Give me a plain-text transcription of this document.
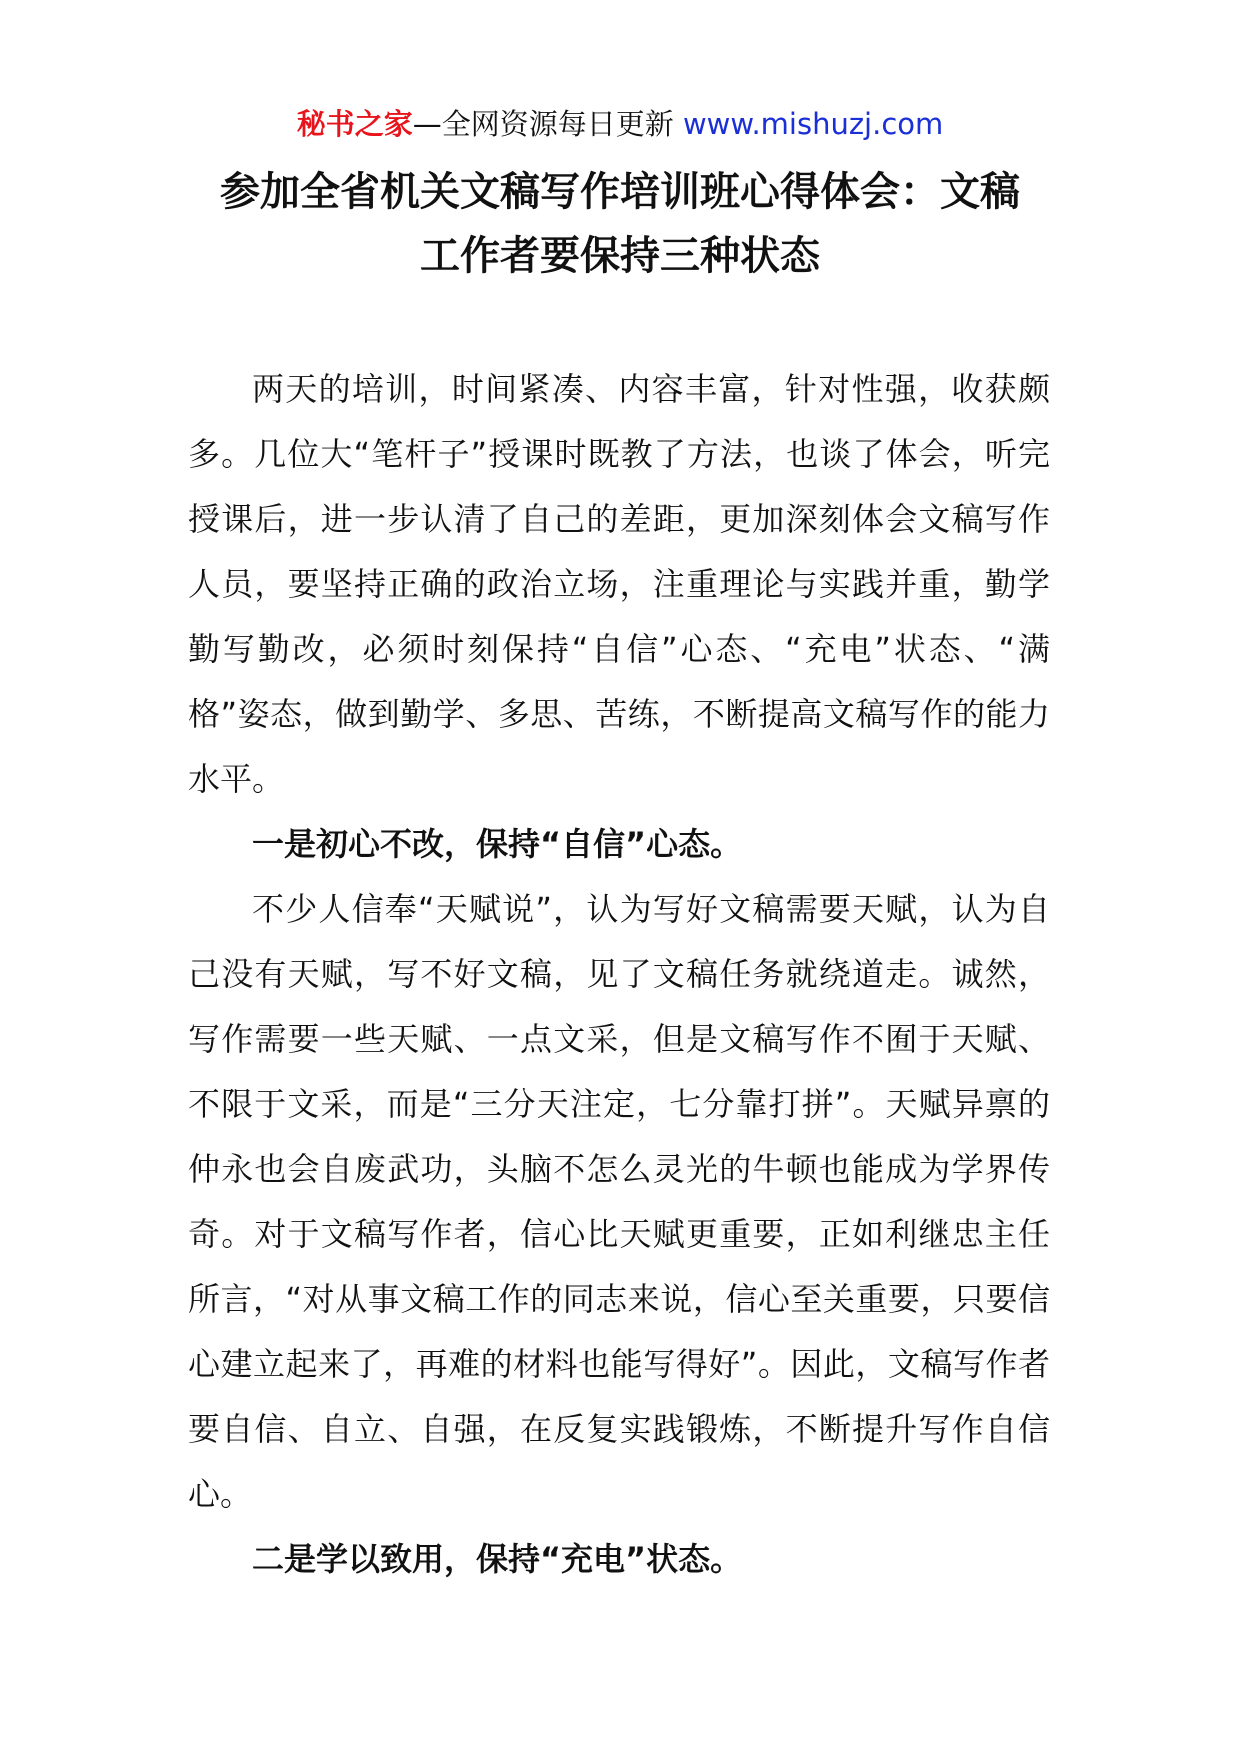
秘书之家—全网资源每日更新 www.mishuzj.com
参加全省机关文稿写作培训班心得体会：文稿
工作者要保持三种状态

两天的培训，时间紧凑、内容丰富，针对性强，收获颇多。几位大“笔杆子”授课时既教了方法，也谈了体会，听完授课后，进一步认清了自己的差距，更加深刻体会文稿写作人员，要坚持正确的政治立场，注重理论与实践并重，勤学勤写勤改，必须时刻保持“自信”心态、“充电”状态、“满格”姿态，做到勤学、多思、苦练，不断提高文稿写作的能力水平。

一是初心不改，保持“自信”心态。

不少人信奉“天赋说”，认为写好文稿需要天赋，认为自己没有天赋，写不好文稿，见了文稿任务就绕道走。诚然，写作需要一些天赋、一点文采，但是文稿写作不囿于天赋、不限于文采，而是“三分天注定，七分靠打拼”。天赋异禀的仲永也会自废武功，头脑不怎么灵光的牛顿也能成为学界传奇。对于文稿写作者，信心比天赋更重要，正如利继忠主任所言，“对从事文稿工作的同志来说，信心至关重要，只要信心建立起来了，再难的材料也能写得好”。因此，文稿写作者要自信、自立、自强，在反复实践锻炼，不断提升写作自信心。

二是学以致用，保持“充电”状态。
